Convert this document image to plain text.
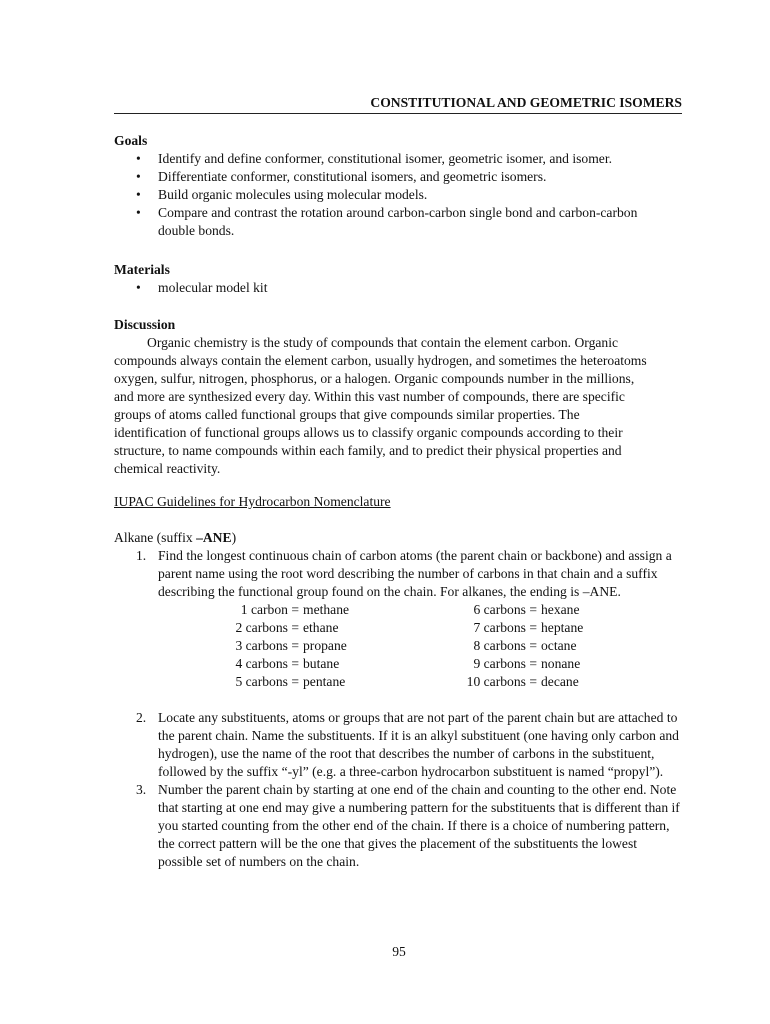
CONSTITUTIONAL AND GEOMETRIC ISOMERS
Goals
• Identify and define conformer, constitutional isomer, geometric isomer, and isomer.
• Differentiate conformer, constitutional isomers, and geometric isomers.
• Build organic molecules using molecular models.
• Compare and contrast the rotation around carbon-carbon single bond and carbon-carbon double bonds.
Materials
• molecular model kit
Discussion
Organic chemistry is the study of compounds that contain the element carbon. Organic compounds always contain the element carbon, usually hydrogen, and sometimes the heteroatoms oxygen, sulfur, nitrogen, phosphorus, or a halogen. Organic compounds number in the millions, and more are synthesized every day. Within this vast number of compounds, there are specific groups of atoms called functional groups that give compounds similar properties. The identification of functional groups allows us to classify organic compounds according to their structure, to name compounds within each family, and to predict their physical properties and chemical reactivity.
IUPAC Guidelines for Hydrocarbon Nomenclature
Alkane (suffix –ANE)
1. Find the longest continuous chain of carbon atoms (the parent chain or backbone) and assign a parent name using the root word describing the number of carbons in that chain and a suffix describing the functional group found on the chain. For alkanes, the ending is –ANE.
1 carbon =	methane	6 carbons =	hexane
2 carbons =	ethane	7 carbons =	heptane
3 carbons =	propane	8 carbons =	octane
4 carbons =	butane	9 carbons =	nonane
5 carbons =	pentane	10 carbons =	decane
2. Locate any substituents, atoms or groups that are not part of the parent chain but are attached to the parent chain. Name the substituents. If it is an alkyl substituent (one having only carbon and hydrogen), use the name of the root that describes the number of carbons in the substituent, followed by the suffix “-yl” (e.g. a three-carbon hydrocarbon substituent is named “propyl”).
3. Number the parent chain by starting at one end of the chain and counting to the other end. Note that starting at one end may give a numbering pattern for the substituents that is different than if you started counting from the other end of the chain. If there is a choice of numbering pattern, the correct pattern will be the one that gives the placement of the substituents the lowest possible set of numbers on the chain.
95
